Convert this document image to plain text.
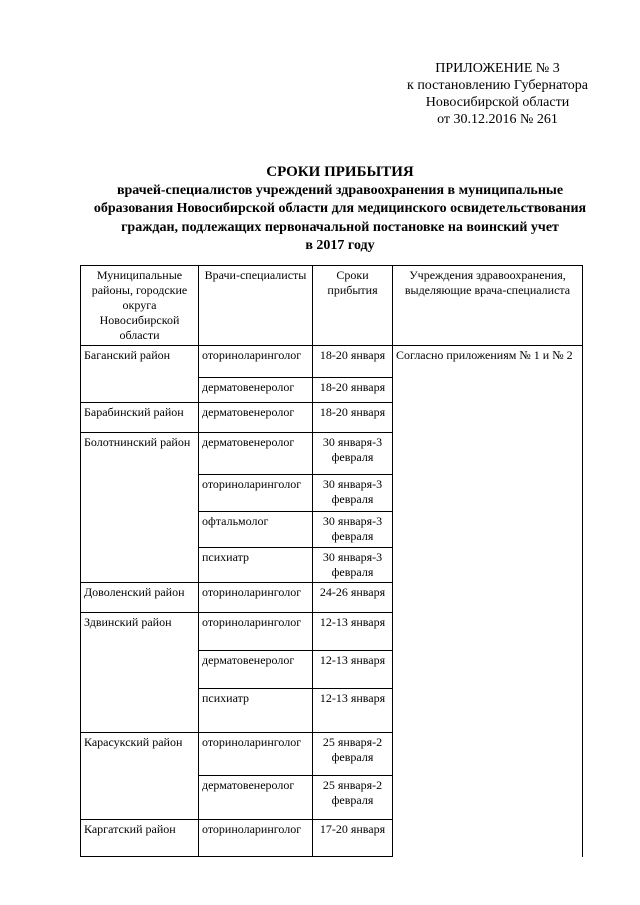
ПРИЛОЖЕНИЕ № 3
к постановлению Губернатора
Новосибирской области
от 30.12.2016 № 261
СРОКИ ПРИБЫТИЯ
врачей-специалистов учреждений здравоохранения в муниципальные
образования Новосибирской области для медицинского освидетельствования
граждан, подлежащих первоначальной постановке на воинский учет
в 2017 году
Муниципальные районы, городские округа Новосибирской области	Врачи-специалисты	Сроки прибытия	Учреждения здравоохранения, выделяющие врача-специалиста
Баганский район	оториноларинголог	18-20 января	Согласно приложениям № 1 и № 2
	дерматовенеролог	18-20 января	
Барабинский район	дерматовенеролог	18-20 января	
Болотнинский район	дерматовенеролог	30 января-3 февраля	
	оториноларинголог	30 января-3 февраля	
	офтальмолог	30 января-3 февраля	
	психиатр	30 января-3 февраля	
Доволенский район	оториноларинголог	24-26 января	
Здвинский район	оториноларинголог	12-13 января	
	дерматовенеролог	12-13 января	
	психиатр	12-13 января	
Карасукский район	оториноларинголог	25 января-2 февраля	
	дерматовенеролог	25 января-2 февраля	
Каргатский район	оториноларинголог	17-20 января	
